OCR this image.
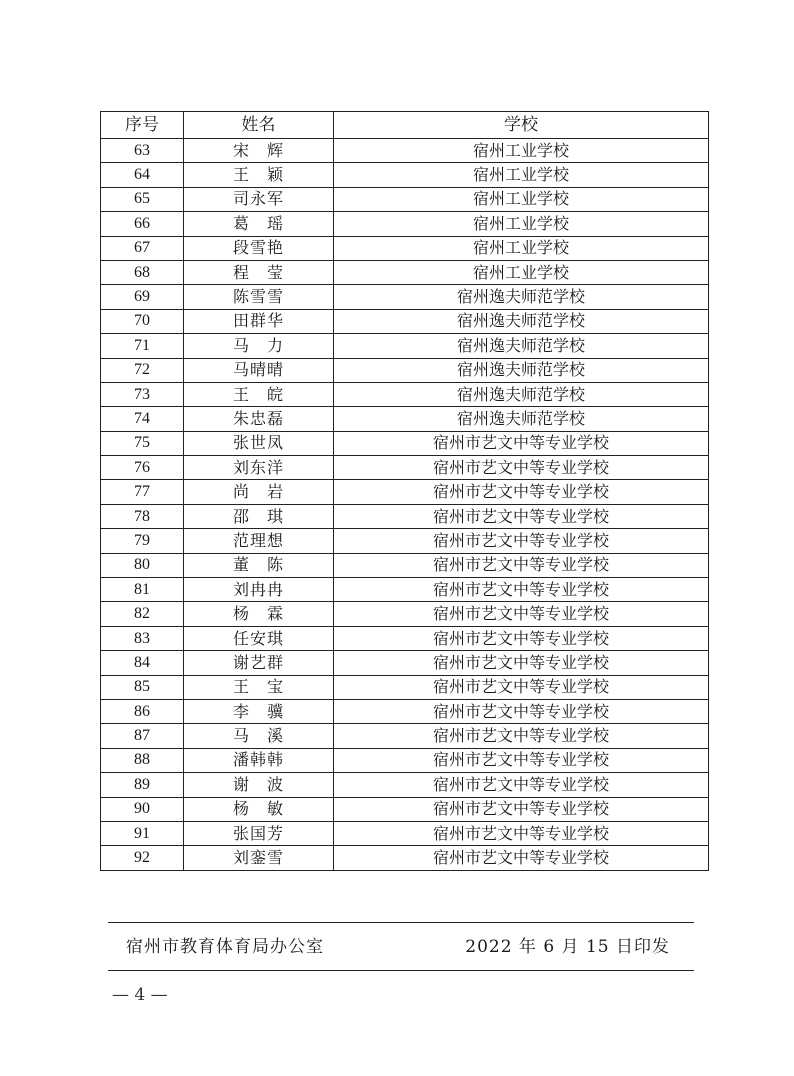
序号	姓名	学校
63	宋　辉	宿州工业学校
64	王　颖	宿州工业学校
65	司永军	宿州工业学校
66	葛　瑶	宿州工业学校
67	段雪艳	宿州工业学校
68	程　莹	宿州工业学校
69	陈雪雪	宿州逸夫师范学校
70	田群华	宿州逸夫师范学校
71	马　力	宿州逸夫师范学校
72	马晴晴	宿州逸夫师范学校
73	王　皖	宿州逸夫师范学校
74	朱忠磊	宿州逸夫师范学校
75	张世凤	宿州市艺文中等专业学校
76	刘东洋	宿州市艺文中等专业学校
77	尚　岩	宿州市艺文中等专业学校
78	邵　琪	宿州市艺文中等专业学校
79	范理想	宿州市艺文中等专业学校
80	董　陈	宿州市艺文中等专业学校
81	刘冉冉	宿州市艺文中等专业学校
82	杨　霖	宿州市艺文中等专业学校
83	任安琪	宿州市艺文中等专业学校
84	谢艺群	宿州市艺文中等专业学校
85	王　宝	宿州市艺文中等专业学校
86	李　骥	宿州市艺文中等专业学校
87	马　溪	宿州市艺文中等专业学校
88	潘韩韩	宿州市艺文中等专业学校
89	谢　波	宿州市艺文中等专业学校
90	杨　敏	宿州市艺文中等专业学校
91	张国芳	宿州市艺文中等专业学校
92	刘銮雪	宿州市艺文中等专业学校
宿州市教育体育局办公室	2022 年 6 月 15 日印发
— 4 —
